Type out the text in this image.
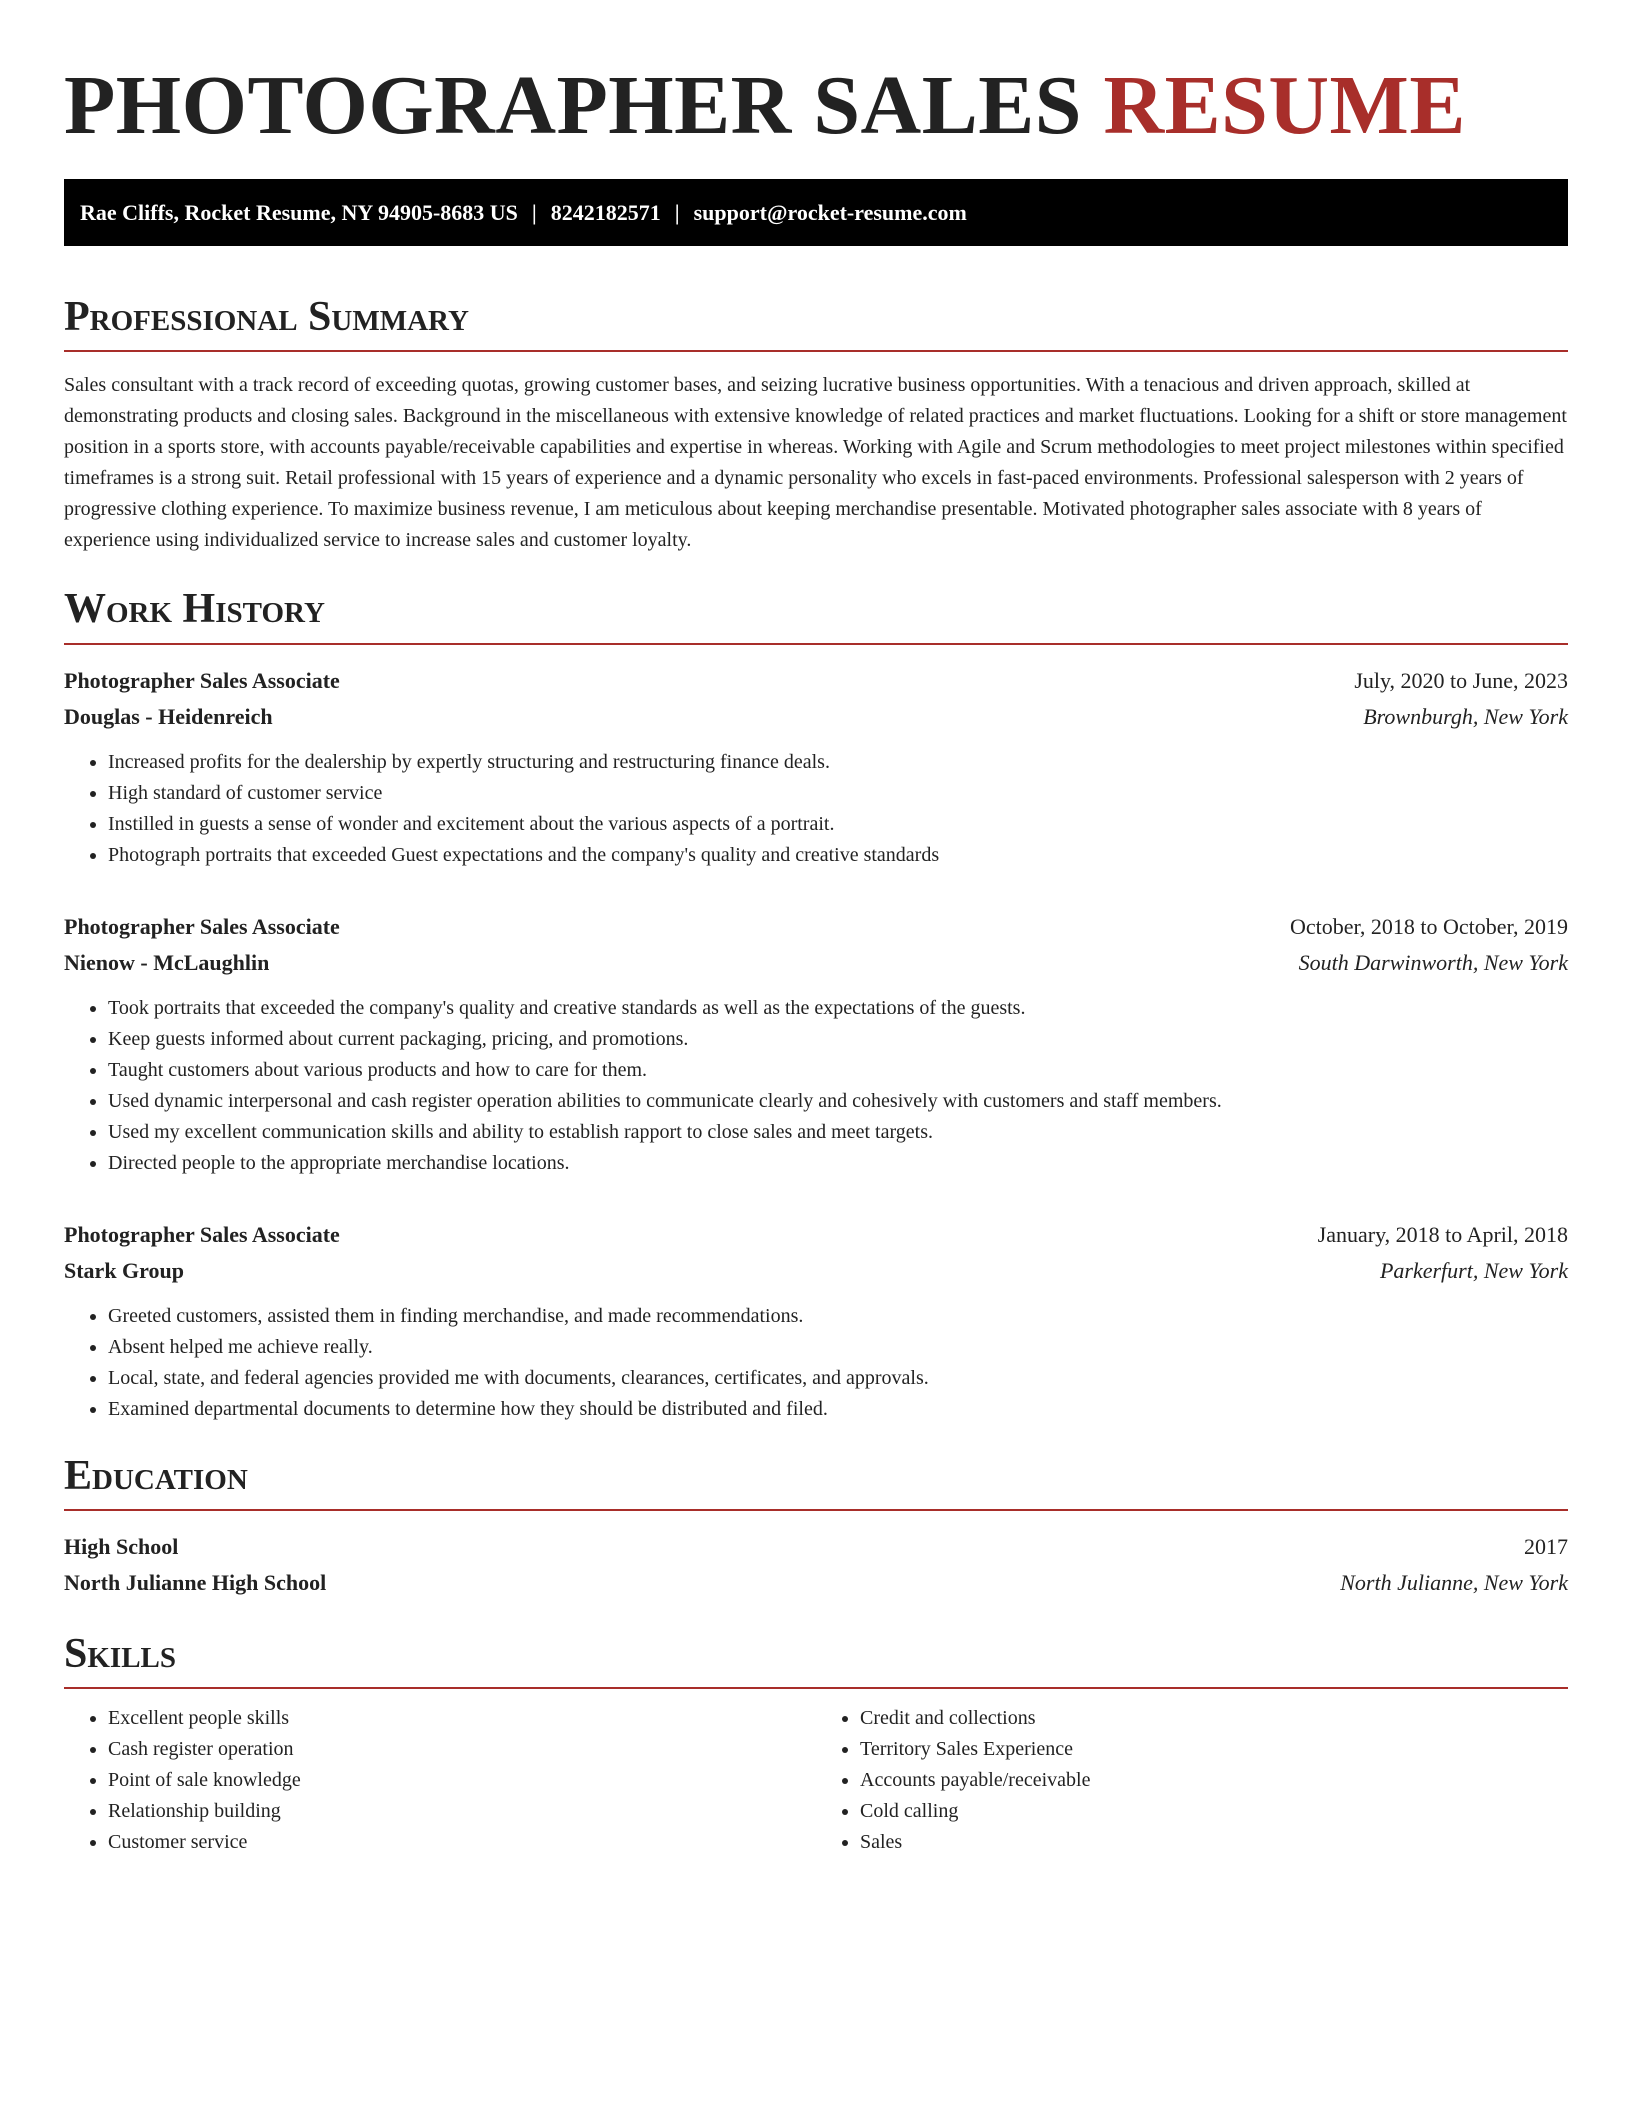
PHOTOGRAPHER SALES RESUME
Rae Cliffs, Rocket Resume, NY 94905-8683 US | 8242182571 | support@rocket-resume.com
Professional Summary

Sales consultant with a track record of exceeding quotas, growing customer bases, and seizing lucrative business opportunities. With a tenacious and driven approach, skilled at demonstrating products and closing sales. Background in the miscellaneous with extensive knowledge of related practices and market fluctuations. Looking for a shift or store management position in a sports store, with accounts payable/receivable capabilities and expertise in whereas. Working with Agile and Scrum methodologies to meet project milestones within specified timeframes is a strong suit. Retail professional with 15 years of experience and a dynamic personality who excels in fast-paced environments. Professional salesperson with 2 years of progressive clothing experience. To maximize business revenue, I am meticulous about keeping merchandise presentable. Motivated photographer sales associate with 8 years of experience using individualized service to increase sales and customer loyalty.

Work History
Photographer Sales Associate	July, 2020 to June, 2023
Douglas - Heidenreich	Brownburgh, New York
• Increased profits for the dealership by expertly structuring and restructuring finance deals.
• High standard of customer service
• Instilled in guests a sense of wonder and excitement about the various aspects of a portrait.
• Photograph portraits that exceeded Guest expectations and the company's quality and creative standards
Photographer Sales Associate	October, 2018 to October, 2019
Nienow - McLaughlin	South Darwinworth, New York
• Took portraits that exceeded the company's quality and creative standards as well as the expectations of the guests.
• Keep guests informed about current packaging, pricing, and promotions.
• Taught customers about various products and how to care for them.
• Used dynamic interpersonal and cash register operation abilities to communicate clearly and cohesively with customers and staff members.
• Used my excellent communication skills and ability to establish rapport to close sales and meet targets.
• Directed people to the appropriate merchandise locations.
Photographer Sales Associate	January, 2018 to April, 2018
Stark Group	Parkerfurt, New York
• Greeted customers, assisted them in finding merchandise, and made recommendations.
• Absent helped me achieve really.
• Local, state, and federal agencies provided me with documents, clearances, certificates, and approvals.
• Examined departmental documents to determine how they should be distributed and filed.
Education
High School	2017
North Julianne High School	North Julianne, New York
Skills
• Excellent people skills
• Cash register operation
• Point of sale knowledge
• Relationship building
• Customer service
• Credit and collections
• Territory Sales Experience
• Accounts payable/receivable
• Cold calling
• Sales
